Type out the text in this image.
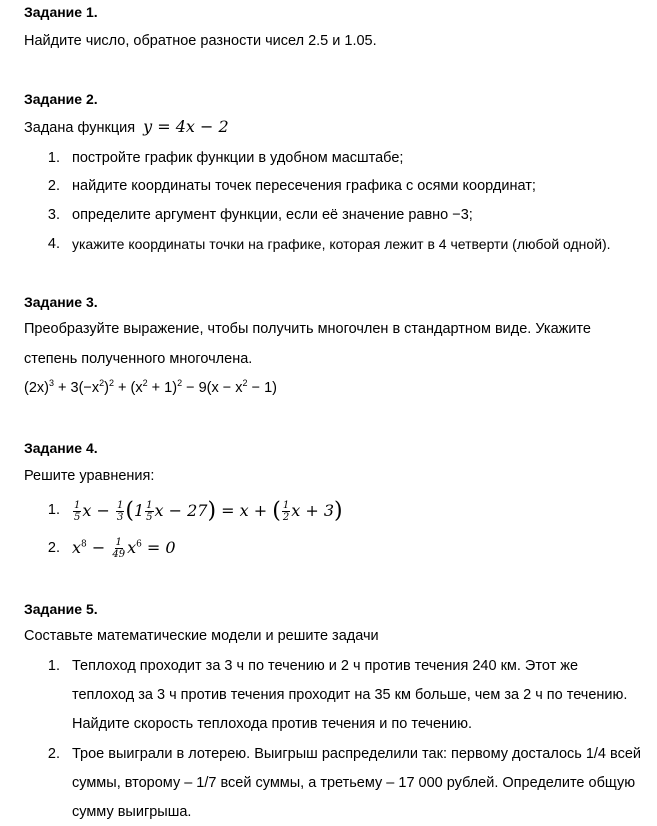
Задание 1.
Найдите число, обратное разности чисел 2.5 и 1.05.
Задание 2.
Задана функция y = 4x − 2
1. постройте график функции в удобном масштабе;
2. найдите координаты точек пересечения графика с осями координат;
3. определите аргумент функции, если её значение равно −3;
4. укажите координаты точки на графике, которая лежит в 4 четверти (любой одной).
Задание 3.
Преобразуйте выражение, чтобы получить многочлен в стандартном виде. Укажите
степень полученного многочлена.
$(2x)^3 + 3(-x^2)^2 + (x^2 + 1)^2 - 9(x - x^2 - 1)$
Задание 4.
Решите уравнения:
1. $\frac{1}{5}$ $x - \frac{1}{3} (1 \frac{1}{5}$ x − 27) = x + ( $\frac{1}{2}$ x + 3)
2. $x^8 - \frac{1}{49} x^6 = 0$
Задание 5.
Составьте математические модели и решите задачи
1. Теплоход проходит за 3 ч по течению и 2 ч против течения 240 км. Этот же
теплоход за 3 ч против течения проходит на 35 км больше, чем за 2 ч по течению.
Найдите скорость теплохода против течения и по течению.
2. Трое выиграли в лотерею. Выигрыш распределили так: первому досталось 1/4 всей
суммы, второму – 1/7 всей суммы, а третьему – 17 000 рублей. Определите общую
сумму выигрыша.
